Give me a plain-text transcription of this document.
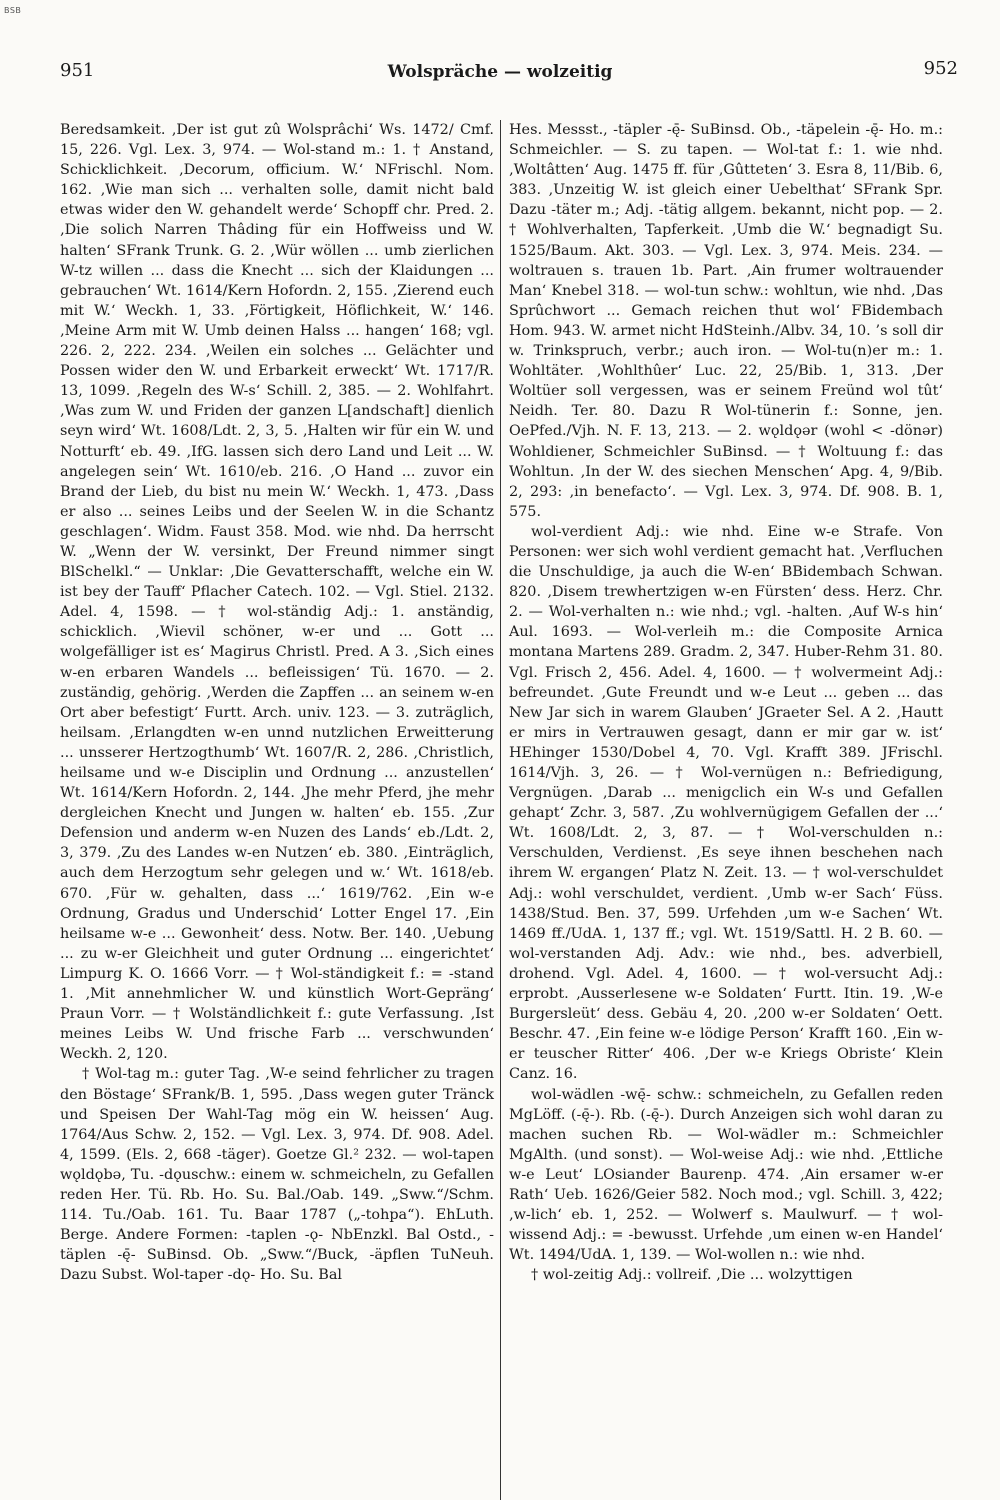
BSB
951	Wolspräche — wolzeitig	952

Beredsamkeit. ‚Der ist gut zû Wolsprâchi‘ Ws. 1472/ Cmf. 15, 226. Vgl. Lex. 3, 974. — Wol-stand m.: 1. † Anstand, Schicklichkeit. ‚Decorum, officium. W.‘ NFrischl. Nom. 162. ‚Wie man sich ... verhalten solle, damit nicht bald etwas wider den W. gehandelt werde‘ Schopff chr. Pred. 2. ‚Die solich Narren Thâding für ein Hoffweiss und W. halten‘ SFrank Trunk. G. 2. ‚Wür wöllen ... umb zierlichen W-tz willen ... dass die Knecht ... sich der Klaidungen ... gebrauchen‘ Wt. 1614/Kern Hofordn. 2, 155. ‚Zierend euch mit W.‘ Weckh. 1, 33. ‚Förtigkeit, Höflichkeit, W.‘ 146. ‚Meine Arm mit W. Umb deinen Halss ... hangen‘ 168; vgl. 226. 2, 222. 234. ‚Weilen ein solches ... Gelächter und Possen wider den W. und Erbarkeit erweckt‘ Wt. 1717/R. 13, 1099. ‚Regeln des W-s‘ Schill. 2, 385. — 2. Wohlfahrt. ‚Was zum W. und Friden der ganzen L[andschaft] dienlich seyn wird‘ Wt. 1608/Ldt. 2, 3, 5. ‚Halten wir für ein W. und Notturft‘ eb. 49. ‚IfG. lassen sich dero Land und Leit ... W. angelegen sein‘ Wt. 1610/eb. 216. ‚O Hand ... zuvor ein Brand der Lieb, du bist nu mein W.‘ Weckh. 1, 473. ‚Dass er also ... seines Leibs und der Seelen W. in die Schantz geschlagen‘. Widm. Faust 358. Mod. wie nhd. Da herrscht W. „Wenn der W. versinkt, Der Freund nimmer singt BlSchelkl.“ — Unklar: ‚Die Gevatterschafft, welche ein W. ist bey der Tauff‘ Pflacher Catech. 102. — Vgl. Stiel. 2132. Adel. 4, 1598. — † wol-ständig Adj.: 1. anständig, schicklich. ‚Wievil schöner, w-er und ... Gott ... wolgefälliger ist es‘ Magirus Christl. Pred. A 3. ‚Sich eines w-en erbaren Wandels ... befleissigen‘ Tü. 1670. — 2. zuständig, gehörig. ‚Werden die Zapffen ... an seinem w-en Ort aber befestigt‘ Furtt. Arch. univ. 123. — 3. zuträglich, heilsam. ‚Erlangdten w-en unnd nutzlichen Erweitterung ... unsserer Hertzogthumb‘ Wt. 1607/R. 2, 286. ‚Christlich, heilsame und w-e Disciplin und Ordnung ... anzustellen‘ Wt. 1614/Kern Hofordn. 2, 144. ‚Jhe mehr Pferd, jhe mehr dergleichen Knecht und Jungen w. halten‘ eb. 155. ‚Zur Defension und anderm w-en Nuzen des Lands‘ eb./Ldt. 2, 3, 379. ‚Zu des Landes w-en Nutzen‘ eb. 380. ‚Einträglich, auch dem Herzogtum sehr gelegen und w.‘ Wt. 1618/eb. 670. ‚Für w. gehalten, dass ...‘ 1619/762. ‚Ein w-e Ordnung, Gradus und Underschid‘ Lotter Engel 17. ‚Ein heilsame w-e ... Gewonheit‘ dess. Notw. Ber. 140. ‚Uebung ... zu w-er Gleichheit und guter Ordnung ... eingerichtet‘ Limpurg K. O. 1666 Vorr. — † Wol-ständigkeit f.: = -stand 1. ‚Mit annehmlicher W. und künstlich Wort-Gepräng‘ Praun Vorr. — † Wolständlichkeit f.: gute Verfassung. ‚Ist meines Leibs W. Und frische Farb ... verschwunden‘ Weckh. 2, 120.

† Wol-tag m.: guter Tag. ‚W-e seind fehrlicher zu tragen den Böstage‘ SFrank/B. 1, 595. ‚Dass wegen guter Tränck und Speisen Der Wahl-Tag mög ein W. heissen‘ Aug. 1764/Aus Schw. 2, 152. — Vgl. Lex. 3, 974. Df. 908. Adel. 4, 1599. (Els. 2, 668 -täger). Goetze Gl.² 232. — wol-tapen wǫldǫbə, Tu. -dǫuschw.: einem w. schmeicheln, zu Gefallen reden Her. Tü. Rb. Ho. Su. Bal./Oab. 149. „Sww.“/Schm. 114. Tu./Oab. 161. Tu. Baar 1787 („-tohpa“). EhLuth. Berge. Andere Formen: -taplen -ǫ- NbEnzkl. Bal Ostd., -täplen -ę̄- SuBinsd. Ob. „Sww.“/Buck, -äpflen TuNeuh. Dazu Subst. Wol-taper -dǫ- Ho. Su. Bal

Hes. Messst., -täpler -ę̄- SuBinsd. Ob., -täpelein -ę̄- Ho. m.: Schmeichler. — S. zu tapen. — Wol-tat f.: 1. wie nhd. ‚Woltâtten‘ Aug. 1475 ff. für ‚Gûtteten‘ 3. Esra 8, 11/Bib. 6, 383. ‚Unzeitig W. ist gleich einer Uebelthat‘ SFrank Spr. Dazu -täter m.; Adj. -tätig allgem. bekannt, nicht pop. — 2. † Wohlverhalten, Tapferkeit. ‚Umb die W.‘ begnadigt Su. 1525/Baum. Akt. 303. — Vgl. Lex. 3, 974. Meis. 234. — woltrauen s. trauen 1b. Part. ‚Ain frumer woltrauender Man‘ Knebel 318. — wol-tun schw.: wohltun, wie nhd. ‚Das Sprûchwort ... Gemach reichen thut wol‘ FBidembach Hom. 943. W. armet nicht HdSteinh./Albv. 34, 10. ’s soll dir w. Trinkspruch, verbr.; auch iron. — Wol-tu(n)er m.: 1. Wohltäter. ‚Wohlthûer‘ Luc. 22, 25/Bib. 1, 313. ‚Der Woltüer soll vergessen, was er seinem Freünd wol tût‘ Neidh. Ter. 80. Dazu R Wol-tünerin f.: Sonne, jen. OePfed./Vjh. N. F. 13, 213. — 2. wǫldǫər (wohl < -dönər) Wohldiener, Schmeichler SuBinsd. — † Woltuung f.: das Wohltun. ‚In der W. des siechen Menschen‘ Apg. 4, 9/Bib. 2, 293: ‚in benefacto‘. — Vgl. Lex. 3, 974. Df. 908. B. 1, 575.

wol-verdient Adj.: wie nhd. Eine w-e Strafe. Von Personen: wer sich wohl verdient gemacht hat. ‚Verfluchen die Unschuldige, ja auch die W-en‘ BBidembach Schwan. 820. ‚Disem trewhertzigen w-en Fürsten‘ dess. Herz. Chr. 2. — Wol-verhalten n.: wie nhd.; vgl. -halten. ‚Auf W-s hin‘ Aul. 1693. — Wol-verleih m.: die Composite Arnica montana Martens 289. Gradm. 2, 347. Huber-Rehm 31. 80. Vgl. Frisch 2, 456. Adel. 4, 1600. — † wolvermeint Adj.: befreundet. ‚Gute Freundt und w-e Leut ... geben ... das New Jar sich in warem Glauben‘ JGraeter Sel. A 2. ‚Hautt er mirs in Vertrauwen gesagt, dann er mir gar w. ist‘ HEhinger 1530/Dobel 4, 70. Vgl. Krafft 389. JFrischl. 1614/Vjh. 3, 26. — † Wol-vernügen n.: Befriedigung, Vergnügen. ‚Darab ... menigclich ein W-s und Gefallen gehapt‘ Zchr. 3, 587. ‚Zu wohlvernügigem Gefallen der ...‘ Wt. 1608/Ldt. 2, 3, 87. — † Wol-verschulden n.: Verschulden, Verdienst. ‚Es seye ihnen beschehen nach ihrem W. ergangen‘ Platz N. Zeit. 13. — † wol-verschuldet Adj.: wohl verschuldet, verdient. ‚Umb w-er Sach‘ Füss. 1438/Stud. Ben. 37, 599. Urfehden ‚um w-e Sachen‘ Wt. 1469 ff./UdA. 1, 137 ff.; vgl. Wt. 1519/Sattl. H. 2 B. 60. — wol-verstanden Adj. Adv.: wie nhd., bes. adverbiell, drohend. Vgl. Adel. 4, 1600. — † wol-versucht Adj.: erprobt. ‚Ausserlesene w-e Soldaten‘ Furtt. Itin. 19. ‚W-e Burgersleüt‘ dess. Gebäu 4, 20. ‚200 w-er Soldaten‘ Oett. Beschr. 47. ‚Ein feine w-e lödige Person‘ Krafft 160. ‚Ein w-er teuscher Ritter‘ 406. ‚Der w-e Kriegs Obriste‘ Klein Canz. 16.

wol-wädlen -wę̄- schw.: schmeicheln, zu Gefallen reden MgLöff. (-ę̄-). Rb. (-ę̄-). Durch Anzeigen sich wohl daran zu machen suchen Rb. — Wol-wädler m.: Schmeichler MgAlth. (und sonst). — Wol-weise Adj.: wie nhd. ‚Ettliche w-e Leut‘ LOsiander Baurenp. 474. ‚Ain ersamer w-er Rath‘ Ueb. 1626/Geier 582. Noch mod.; vgl. Schill. 3, 422; ‚w-lich‘ eb. 1, 252. — Wolwerf s. Maulwurf. — † wol-wissend Adj.: = -bewusst. Urfehde ‚um einen w-en Handel‘ Wt. 1494/UdA. 1, 139. — Wol-wollen n.: wie nhd.

† wol-zeitig Adj.: vollreif. ‚Die ... wolzyttigen
